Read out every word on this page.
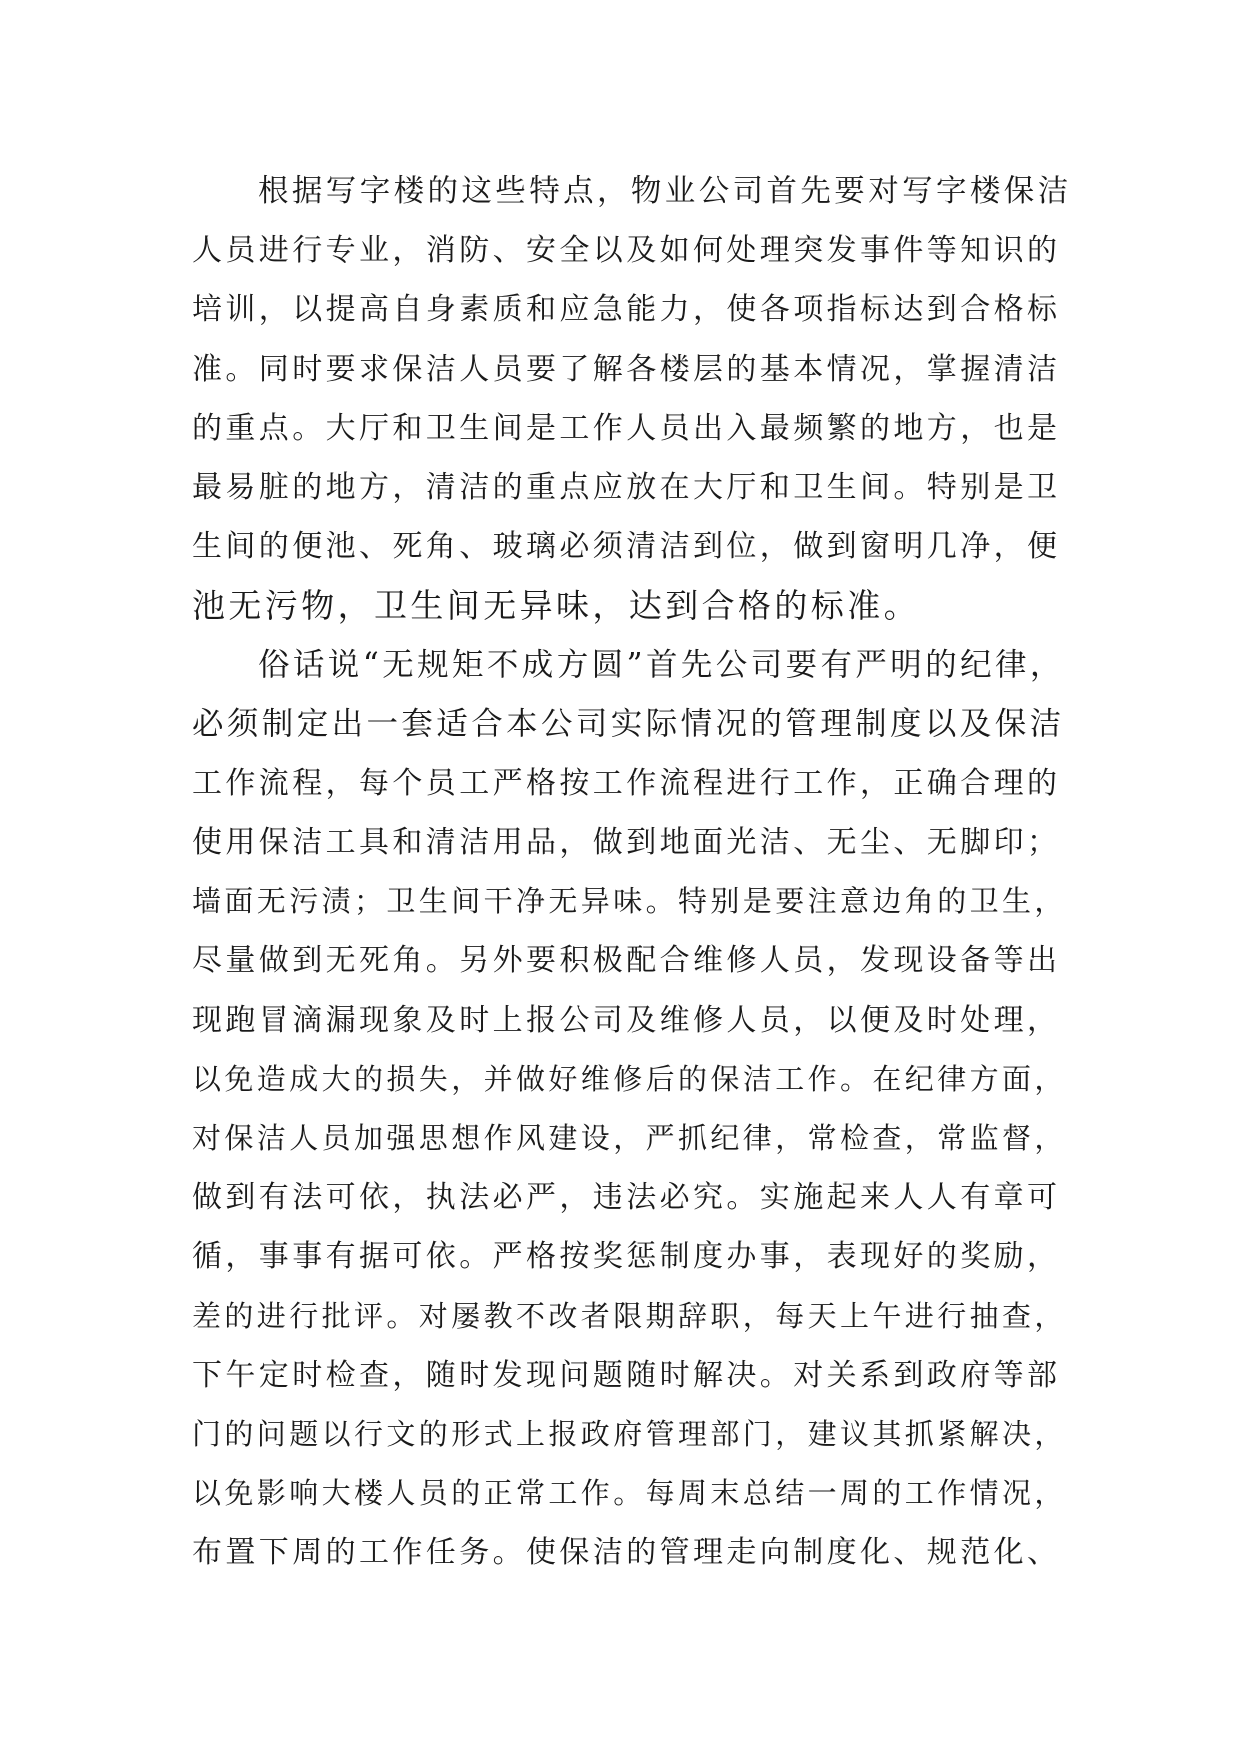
根据写字楼的这些特点，物业公司首先要对写字楼保洁
人员进行专业，消防、安全以及如何处理突发事件等知识的
培训，以提高自身素质和应急能力，使各项指标达到合格标
准。同时要求保洁人员要了解各楼层的基本情况，掌握清洁
的重点。大厅和卫生间是工作人员出入最频繁的地方，也是
最易脏的地方，清洁的重点应放在大厅和卫生间。特别是卫
生间的便池、死角、玻璃必须清洁到位，做到窗明几净，便
池无污物，卫生间无异味，达到合格的标准。
俗话说“无规矩不成方圆”首先公司要有严明的纪律，
必须制定出一套适合本公司实际情况的管理制度以及保洁
工作流程，每个员工严格按工作流程进行工作，正确合理的
使用保洁工具和清洁用品，做到地面光洁、无尘、无脚印；
墙面无污渍；卫生间干净无异味。特别是要注意边角的卫生，
尽量做到无死角。另外要积极配合维修人员，发现设备等出
现跑冒滴漏现象及时上报公司及维修人员，以便及时处理，
以免造成大的损失，并做好维修后的保洁工作。在纪律方面，
对保洁人员加强思想作风建设，严抓纪律，常检查，常监督，
做到有法可依，执法必严，违法必究。实施起来人人有章可
循，事事有据可依。严格按奖惩制度办事，表现好的奖励，
差的进行批评。对屡教不改者限期辞职，每天上午进行抽查，
下午定时检查，随时发现问题随时解决。对关系到政府等部
门的问题以行文的形式上报政府管理部门，建议其抓紧解决，
以免影响大楼人员的正常工作。每周末总结一周的工作情况，
布置下周的工作任务。使保洁的管理走向制度化、规范化、
